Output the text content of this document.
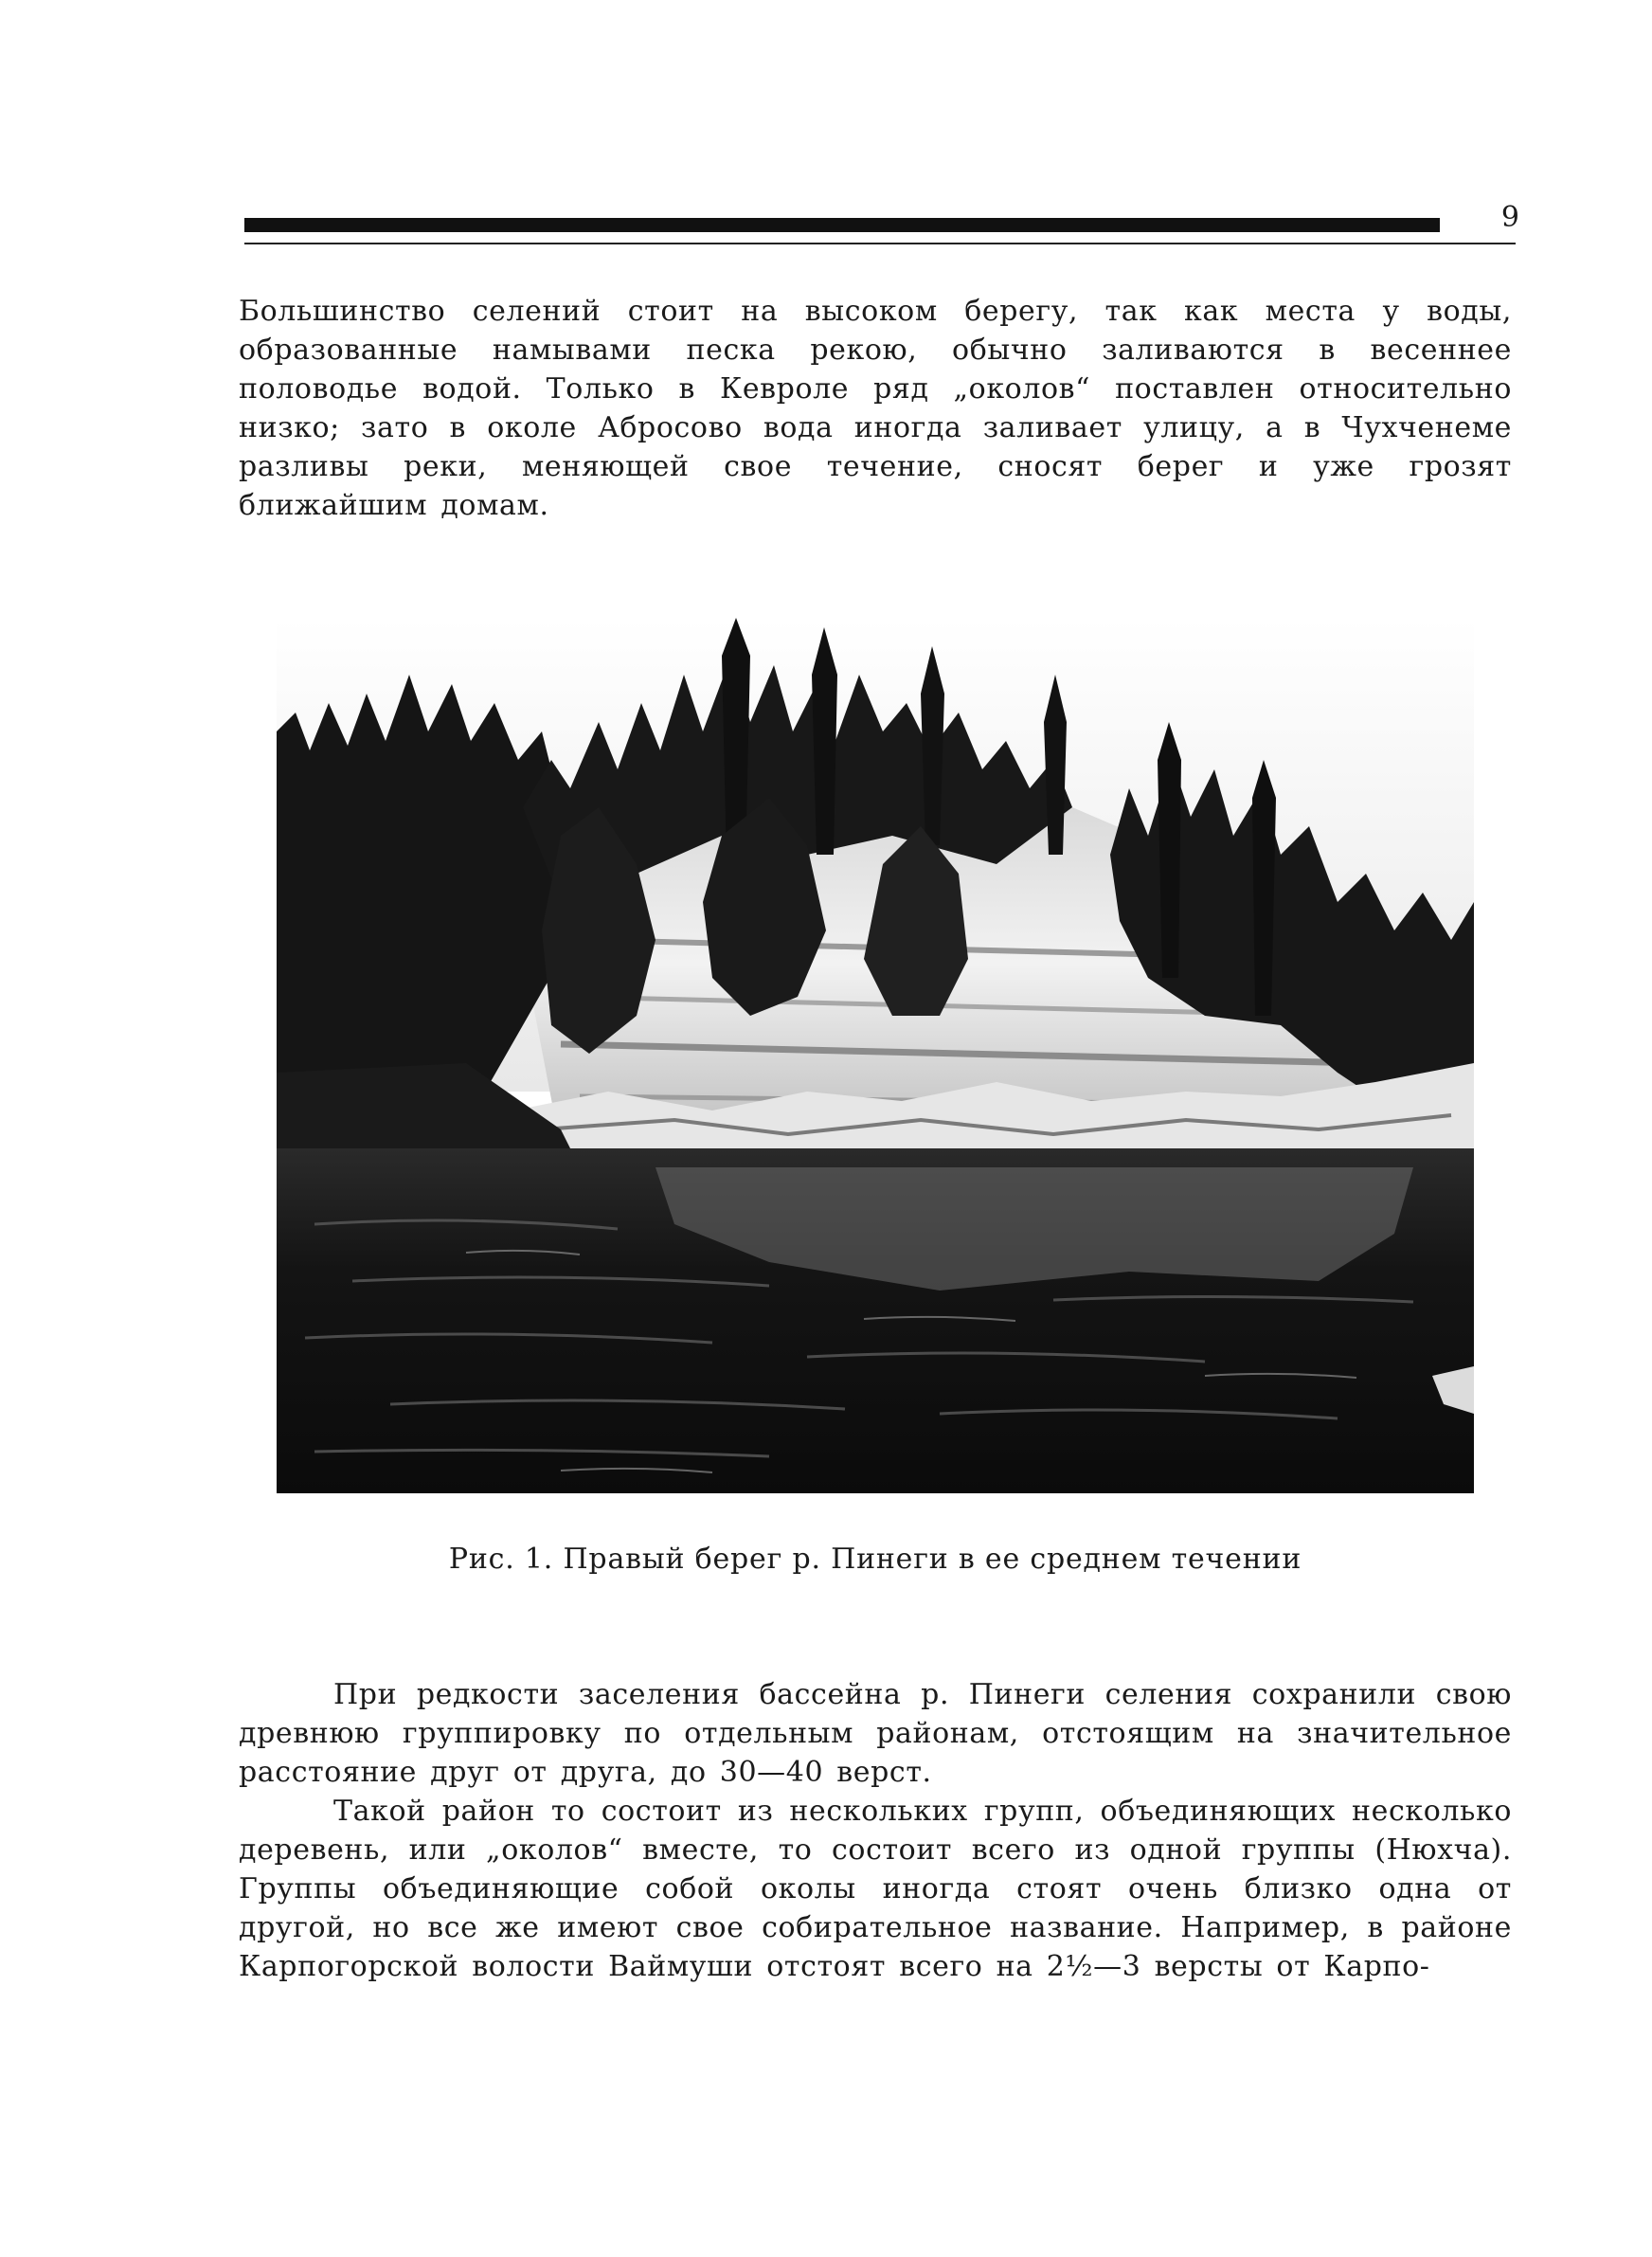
9

Большинство селений стоит на высоком берегу, так как места у воды, образованные намывами песка рекою, обычно заливаются в весеннее половодье водой. Только в Кевроле ряд „околов“ поставлен относительно низко; зато в околе Абросово вода иногда заливает улицу, а в Чухченеме разливы реки, меняющей свое течение, сносят берег и уже грозят ближайшим домам.

Рис. 1. Правый берег р. Пинеги в ее среднем течении

При редкости заселения бассейна р. Пинеги селения сохранили свою древнюю группировку по отдельным районам, отстоящим на значительное расстояние друг от друга, до 30—40 верст.

Такой район то состоит из нескольких групп, объединяющих несколько деревень, или „околов“ вместе, то состоит всего из одной группы (Нюхча). Группы объединяющие собой околы иногда стоят очень близко одна от другой, но все же имеют свое собирательное название. Например, в районе Карпогорской волости Ваймуши отстоят всего на 2½—3 версты от Карпо-
